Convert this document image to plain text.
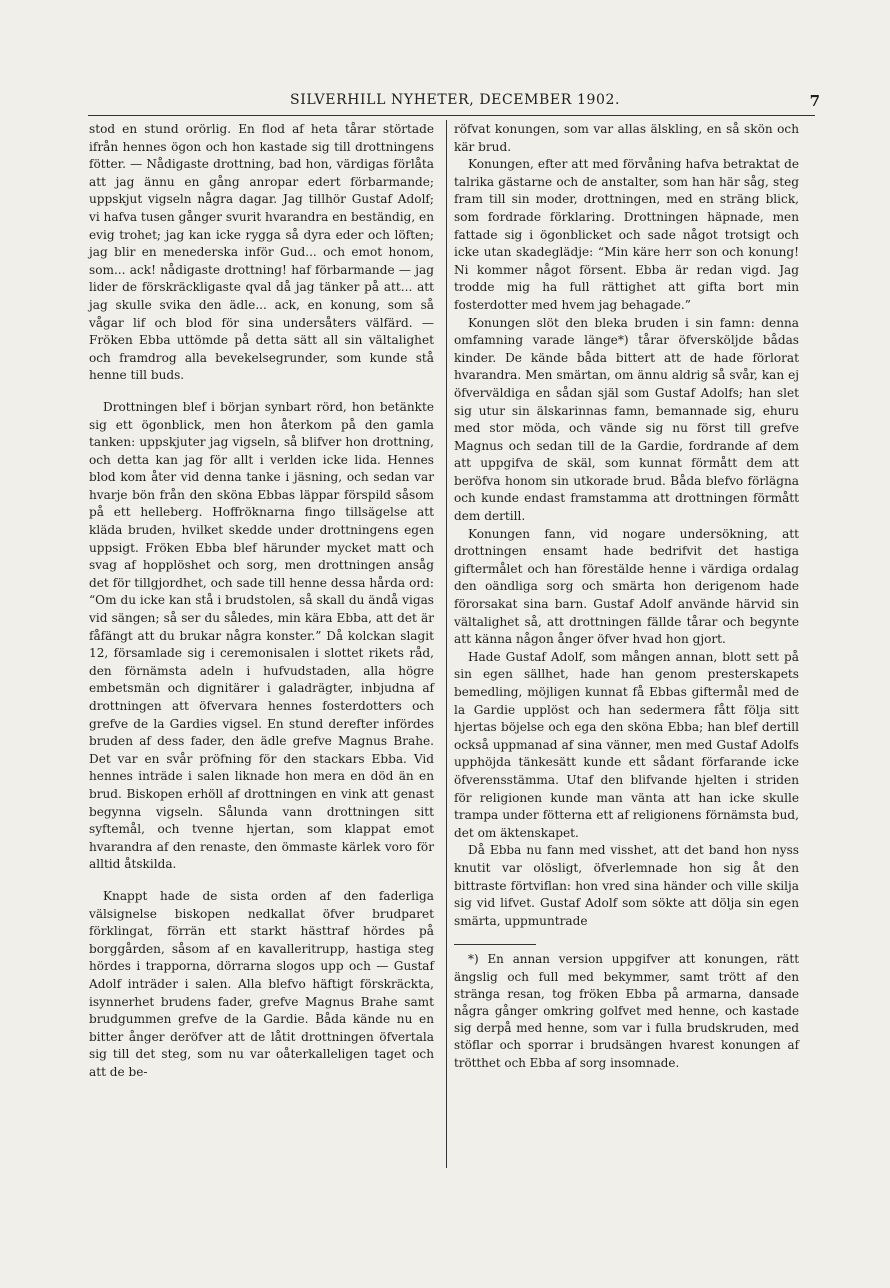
SILVERHILL NYHETER, DECEMBER 1902.	7

stod en stund orörlig. En flod af heta tårar störtade ifrån hennes ögon och hon kastade sig till drottningens fötter. — Nådigaste drottning, bad hon, värdigas förlåta att jag ännu en gång anropar edert förbarmande; uppskjut vigseln några dagar. Jag tillhör Gustaf Adolf; vi hafva tusen gånger svurit hvarandra en beständig, en evig trohet; jag kan icke rygga så dyra eder och löften; jag blir en menederska inför Gud... och emot honom, som... ack! nådigaste drottning! haf förbarmande — jag lider de förskräckligaste qval då jag tänker på att... att jag skulle svika den ädle... ack, en konung, som så vågar lif och blod för sina undersåters välfärd. — Fröken Ebba uttömde på detta sätt all sin vältalighet och framdrog alla bevekelsegrunder, som kunde stå henne till buds.

Drottningen blef i början synbart rörd, hon betänkte sig ett ögonblick, men hon återkom på den gamla tanken: uppskjuter jag vigseln, så blifver hon drottning, och detta kan jag för allt i verlden icke lida. Hennes blod kom åter vid denna tanke i jäsning, och sedan var hvarje bön från den sköna Ebbas läppar förspild såsom på ett helleberg. Hoffröknarna fingo tillsägelse att kläda bruden, hvilket skedde under drottningens egen uppsigt. Fröken Ebba blef härunder mycket matt och svag af hopplöshet och sorg, men drottningen ansåg det för tillgjordhet, och sade till henne dessa hårda ord: “Om du icke kan stå i brudstolen, så skall du ändå vigas vid sängen; så ser du således, min kära Ebba, att det är fåfängt att du brukar några konster.” Då kolckan slagit 12, församlade sig i ceremonisalen i slottet rikets råd, den förnämsta adeln i hufvudstaden, alla högre embetsmän och dignitärer i galadrägter, inbjudna af drottningen att öfvervara hennes fosterdotters och grefve de la Gardies vigsel. En stund derefter infördes bruden af dess fader, den ädle grefve Magnus Brahe. Det var en svår pröfning för den stackars Ebba. Vid hennes inträde i salen liknade hon mera en död än en brud. Biskopen erhöll af drottningen en vink att genast begynna vigseln. Sålunda vann drottningen sitt syftemål, och tvenne hjertan, som klappat emot hvarandra af den renaste, den ömmaste kärlek voro för alltid åtskilda.

Knappt hade de sista orden af den faderliga välsignelse biskopen nedkallat öfver brudparet förklingat, förrän ett starkt hästtraf hördes på borggården, såsom af en kavalleritrupp, hastiga steg hördes i trapporna, dörrarna slogos upp och — Gustaf Adolf inträder i salen. Alla blefvo häftigt förskräckta, isynnerhet brudens fader, grefve Magnus Brahe samt brudgummen grefve de la Gardie. Båda kände nu en bitter ånger deröfver att de låtit drottningen öfvertala sig till det steg, som nu var oåterkalleligen taget och att de be-

röfvat konungen, som var allas älskling, en så skön och kär brud.

Konungen, efter att med förvåning hafva betraktat de talrika gästarne och de anstalter, som han här såg, steg fram till sin moder, drottningen, med en sträng blick, som fordrade förklaring. Drottningen häpnade, men fattade sig i ögonblicket och sade något trotsigt och icke utan skadeglädje: “Min käre herr son och konung! Ni kommer något försent. Ebba är redan vigd. Jag trodde mig ha full rättighet att gifta bort min fosterdotter med hvem jag behagade.”

Konungen slöt den bleka bruden i sin famn: denna omfamning varade länge*) tårar öfversköljde bådas kinder. De kände båda bittert att de hade förlorat hvarandra. Men smärtan, om ännu aldrig så svår, kan ej öfverväldiga en sådan själ som Gustaf Adolfs; han slet sig utur sin älskarinnas famn, bemannade sig, ehuru med stor möda, och vände sig nu först till grefve Magnus och sedan till de la Gardie, fordrande af dem att uppgifva de skäl, som kunnat förmått dem att beröfva honom sin utkorade brud. Båda blefvo förlägna och kunde endast framstamma att drottningen förmått dem dertill.

Konungen fann, vid nogare undersökning, att drottningen ensamt hade bedrifvit det hastiga giftermålet och han förestälde henne i värdiga ordalag den oändliga sorg och smärta hon derigenom hade förorsakat sina barn. Gustaf Adolf använde härvid sin vältalighet så, att drottningen fällde tårar och begynte att känna någon ånger öfver hvad hon gjort.

Hade Gustaf Adolf, som mången annan, blott sett på sin egen sällhet, hade han genom presterskapets bemedling, möjligen kunnat få Ebbas giftermål med de la Gardie upplöst och han sedermera fått följa sitt hjertas böjelse och ega den sköna Ebba; han blef dertill också uppmanad af sina vänner, men med Gustaf Adolfs upphöjda tänkesätt kunde ett sådant förfarande icke öfverensstämma. Utaf den blifvande hjelten i striden för religionen kunde man vänta att han icke skulle trampa under fötterna ett af religionens förnämsta bud, det om äktenskapet.

Då Ebba nu fann med visshet, att det band hon nyss knutit var olösligt, öfverlemnade hon sig åt den bittraste förtviflan: hon vred sina händer och ville skilja sig vid lifvet. Gustaf Adolf som sökte att dölja sin egen smärta, uppmuntrade

*) En annan version uppgifver att konungen, rätt ängslig och full med bekymmer, samt trött af den stränga resan, tog fröken Ebba på armarna, dansade några gånger omkring golfvet med henne, och kastade sig derpå med henne, som var i fulla brudskruden, med stöflar och sporrar i brudsängen hvarest konungen af trötthet och Ebba af sorg insomnade.
